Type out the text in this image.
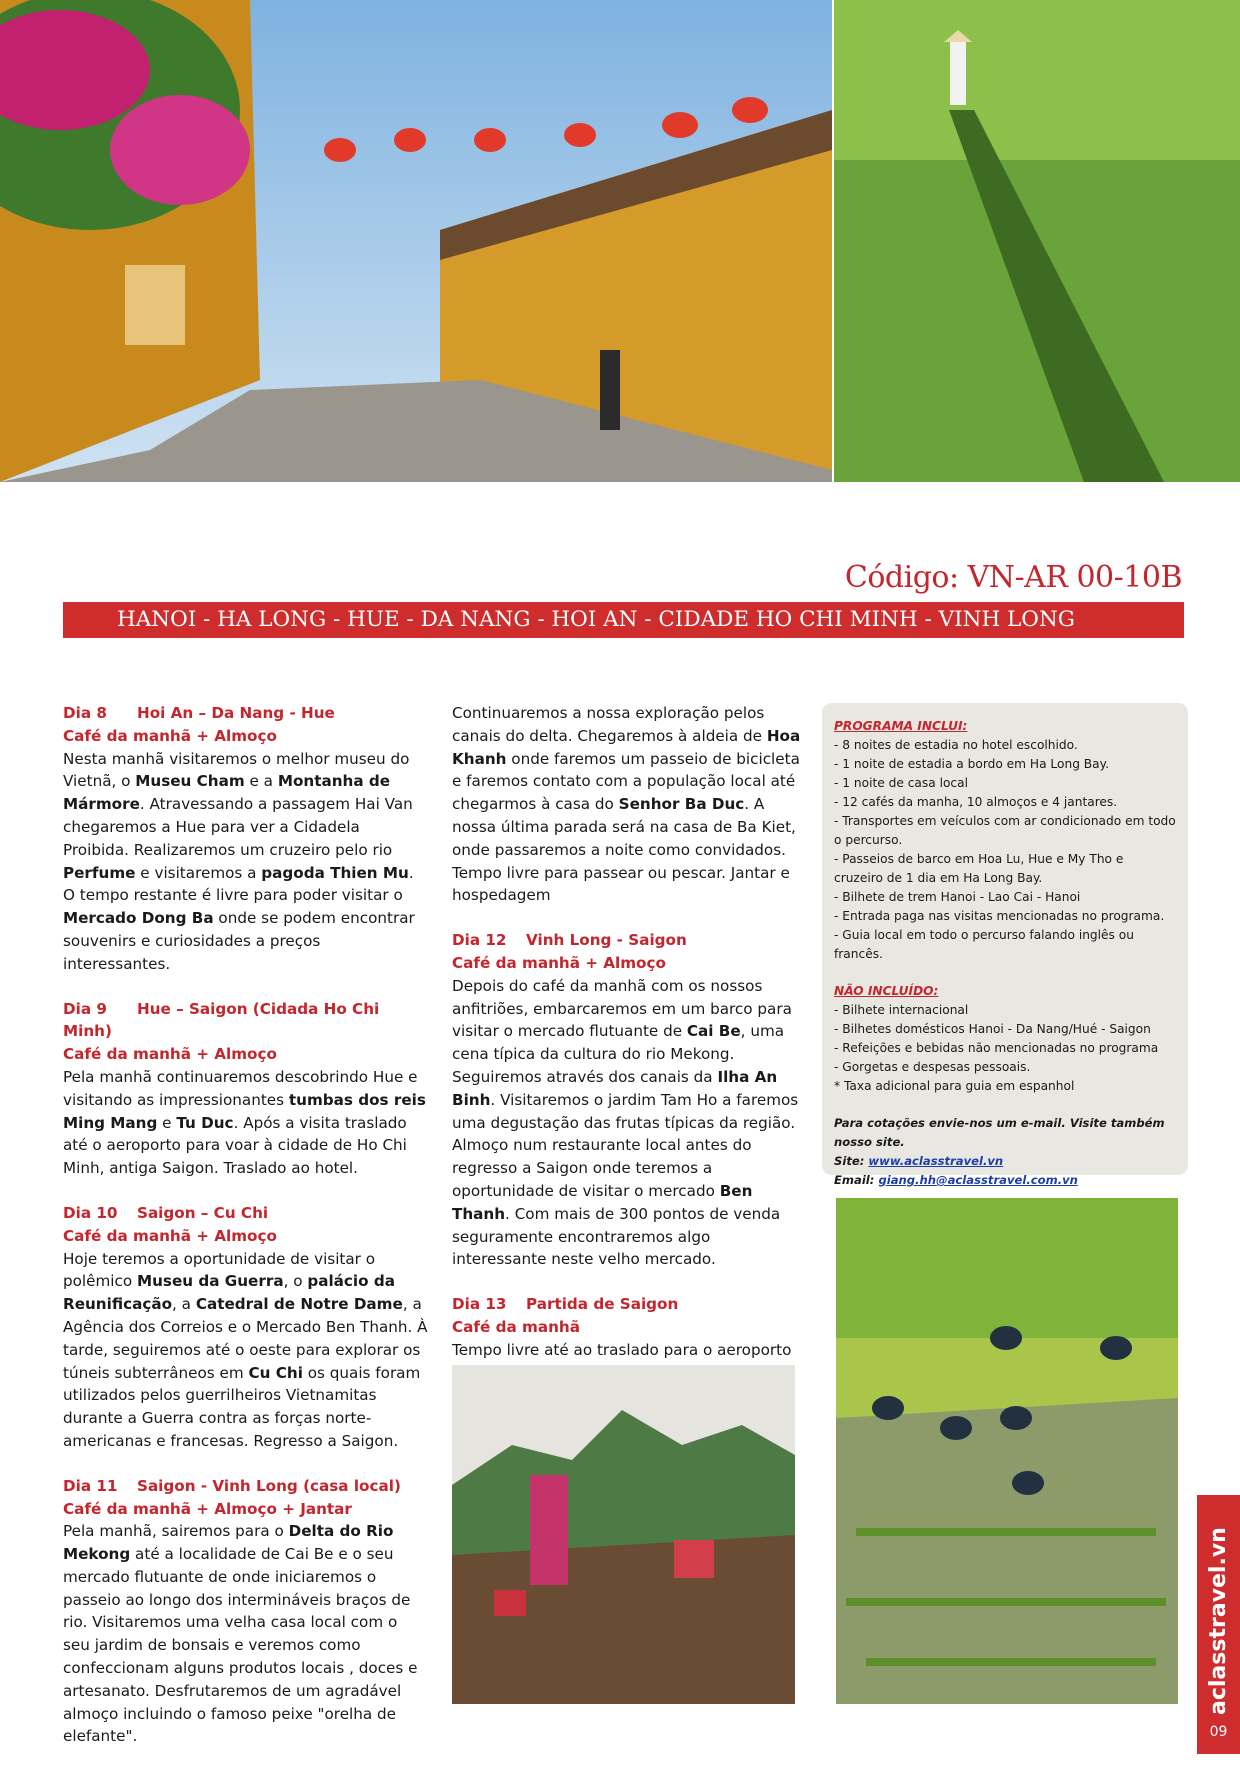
Código: VN-AR 00-10B
HANOI - HA LONG - HUE - DA NANG - HOI AN - CIDADE HO CHI MINH - VINH LONG
Dia 8 Hoi An – Da Nang - Hue
Café da manhã + Almoço

Nesta manhã visitaremos o melhor museu do Vietnã, o Museu Cham e a Montanha de Mármore. Atravessando a passagem Hai Van chegaremos a Hue para ver a Cidadela Proibida. Realizaremos um cruzeiro pelo rio Perfume e visitaremos a pagoda Thien Mu. O tempo restante é livre para poder visitar o Mercado Dong Ba onde se podem encontrar souvenirs e curiosidades a preços interessantes.

Dia 9 Hue – Saigon (Cidada Ho Chi Minh)
Café da manhã + Almoço

Pela manhã continuaremos descobrindo Hue e visitando as impressionantes tumbas dos reis Ming Mang e Tu Duc. Após a visita traslado até o aeroporto para voar à cidade de Ho Chi Minh, antiga Saigon. Traslado ao hotel.

Dia 10 Saigon – Cu Chi
Café da manhã + Almoço

Hoje teremos a oportunidade de visitar o polêmico Museu da Guerra, o palácio da Reunificação, a Catedral de Notre Dame, a Agência dos Correios e o Mercado Ben Thanh. À tarde, seguiremos até o oeste para explorar os túneis subterrâneos em Cu Chi os quais foram utilizados pelos guerrilheiros Vietnamitas durante a Guerra contra as forças norte-americanas e francesas. Regresso a Saigon.

Dia 11 Saigon - Vinh Long (casa local)
Café da manhã + Almoço + Jantar

Pela manhã, sairemos para o Delta do Rio Mekong até a localidade de Cai Be e o seu mercado flutuante de onde iniciaremos o passeio ao longo dos intermináveis braços de rio. Visitaremos uma velha casa local com o seu jardim de bonsais e veremos como confeccionam alguns produtos locais , doces e artesanato. Desfrutaremos de um agradável almoço incluindo o famoso peixe "orelha de elefante".

Continuaremos a nossa exploração pelos canais do delta. Chegaremos à aldeia de Hoa Khanh onde faremos um passeio de bicicleta e faremos contato com a população local até chegarmos à casa do Senhor Ba Duc. A nossa última parada será na casa de Ba Kiet, onde passaremos a noite como convidados. Tempo livre para passear ou pescar. Jantar e hospedagem

Dia 12 Vinh Long - Saigon
Café da manhã + Almoço

Depois do café da manhã com os nossos anfitriões, embarcaremos em um barco para visitar o mercado flutuante de Cai Be, uma cena típica da cultura do rio Mekong. Seguiremos através dos canais da Ilha An Binh. Visitaremos o jardim Tam Ho a faremos uma degustação das frutas típicas da região. Almoço num restaurante local antes do regresso a Saigon onde teremos a oportunidade de visitar o mercado Ben Thanh. Com mais de 300 pontos de venda seguramente encontraremos algo interessante neste velho mercado.

Dia 13 Partida de Saigon
Café da manhã

Tempo livre até ao traslado para o aeroporto

PROGRAMA INCLUI:
- 8 noites de estadia no hotel escolhido.
- 1 noite de estadia a bordo em Ha Long Bay.
- 1 noite de casa local
- 12 cafés da manha, 10 almoços e 4 jantares.
- Transportes em veículos com ar condicionado em todo o percurso.
- Passeios de barco em Hoa Lu, Hue e My Tho e cruzeiro de 1 dia em Ha Long Bay.
- Bilhete de trem Hanoi - Lao Cai - Hanoi
- Entrada paga nas visitas mencionadas no programa.
- Guia local em todo o percurso falando inglês ou francês.
NÃO INCLUÍDO:
- Bilhete internacional
- Bilhetes domésticos Hanoi - Da Nang/Hué - Saigon
- Refeições e bebidas não mencionadas no programa
- Gorgetas e despesas pessoais.
* Taxa adicional para guia em espanhol
Para cotações envie-nos um e-mail. Visite também nosso site.
Site: www.aclasstravel.vn
Email: giang.hh@aclasstravel.com.vn
aclasstravel.vn
09
